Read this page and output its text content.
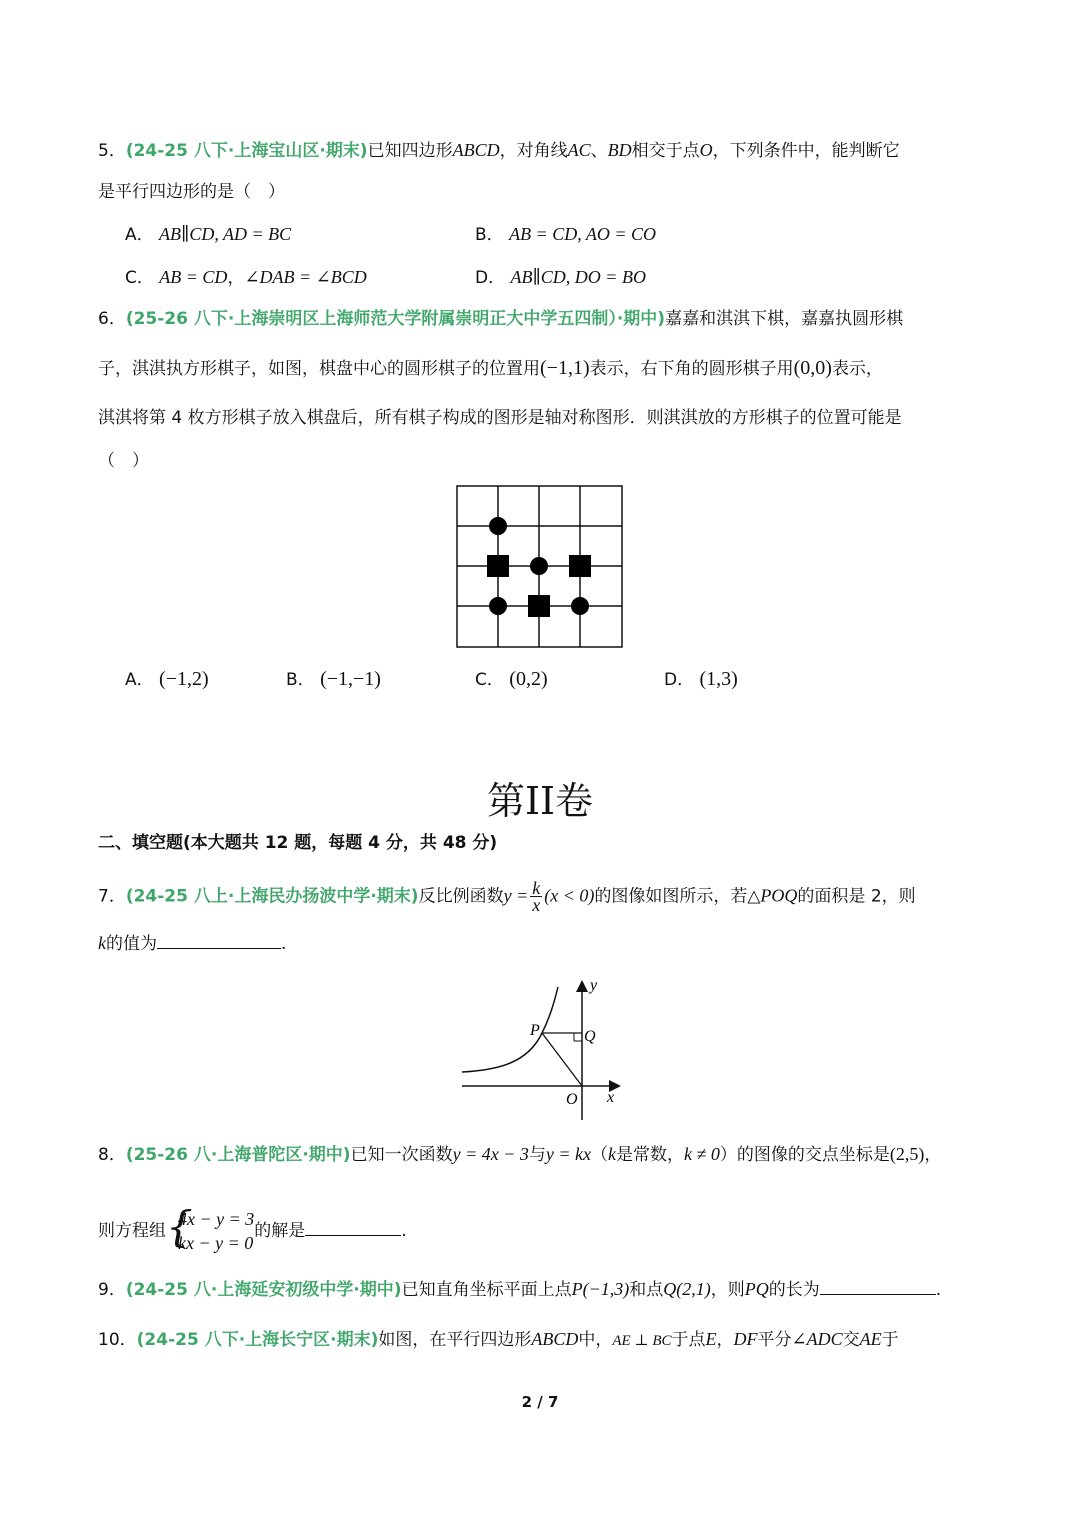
5．(24-25 八下·上海宝山区·期末)已知四边形ABCD，对角线AC、BD相交于点O，下列条件中，能判断它
是平行四边形的是（　）
A． AB∥CD, AD = BC	B． AB = CD, AO = CO
C． AB = CD，∠DAB = ∠BCD	D． AB∥CD, DO = BO
6．(25-26 八下·上海崇明区上海师范大学附属崇明正大中学五四制）·期中)嘉嘉和淇淇下棋，嘉嘉执圆形棋
子，淇淇执方形棋子，如图，棋盘中心的圆形棋子的位置用(−1,1)表示，右下角的圆形棋子用(0,0)表示，
淇淇将第 4 枚方形棋子放入棋盘后，所有棋子构成的图形是轴对称图形．则淇淇放的方形棋子的位置可能是
（　）
A． (−1,2)	B． (−1,−1)	C． (0,2)	D． (1,3)
第II卷
二、填空题(本大题共 12 题，每题 4 分，共 48 分)
7．(24-25 八上·上海民办扬波中学·期末)反比例函数$y = \frac{k}{x} (x < 0)$的图像如图所示，若△POQ的面积是 2，则
k的值为	.
y
x
O
P	Q
8．(25-26 八·上海普陀区·期中)已知一次函数y = 4x − 3与y = kx（k是常数，k ≠ 0）的图像的交点坐标是(2,5)，
则方程组 {
4x − y = 3
kx − y = 0
的解是	.
9．(24-25 八·上海延安初级中学·期中)已知直角坐标平面上点P(−1,3)和点Q(2,1)，则PQ的长为	.
10．(24-25 八下·上海长宁区·期末)如图，在平行四边形ABCD中，AE ⊥ BC于点E，DF平分∠ADC交AE于
2 / 7
